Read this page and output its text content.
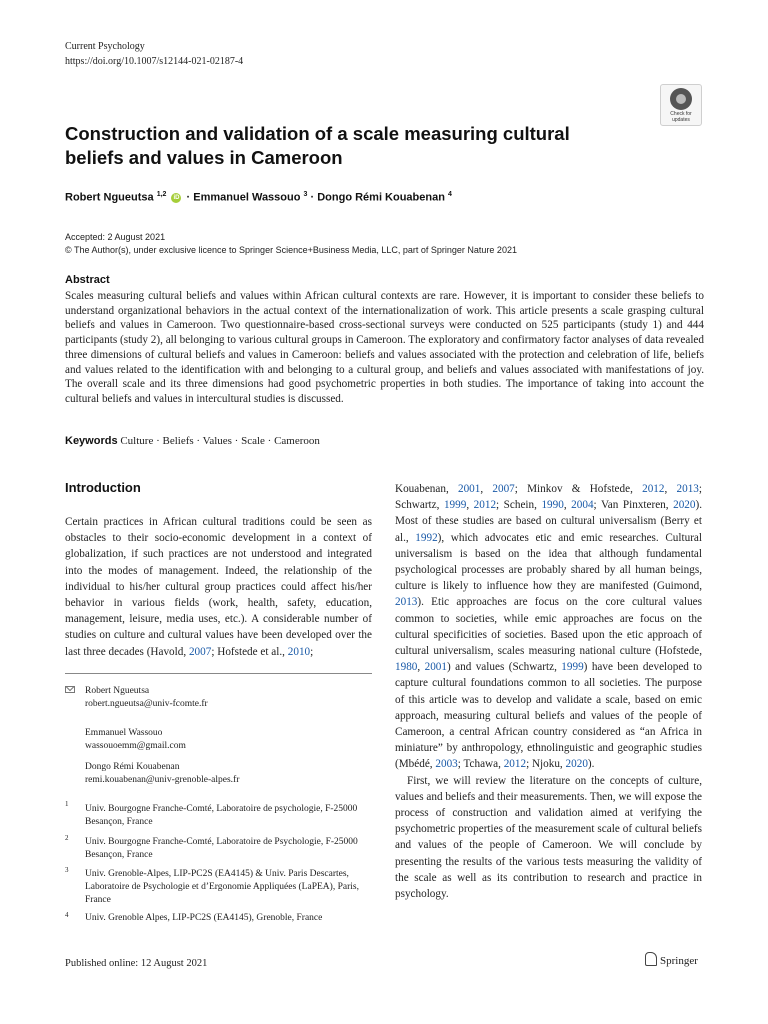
Current Psychology
https://doi.org/10.1007/s12144-021-02187-4
Check for
updates
Construction and validation of a scale measuring cultural beliefs and values in Cameroon
Robert Ngueutsa $^{1,2}$ iD · Emmanuel Wassouo $^3$ · Dongo Rémi Kouabenan $^4$
Accepted: 2 August 2021
© The Author(s), under exclusive licence to Springer Science+Business Media, LLC, part of Springer Nature 2021
Abstract
Scales measuring cultural beliefs and values within African cultural contexts are rare. However, it is important to consider these beliefs to understand organizational behaviors in the actual context of the internationalization of work. This article presents a scale grasping cultural beliefs and values in Cameroon. Two questionnaire-based cross-sectional surveys were conducted on 525 participants (study 1) and 444 participants (study 2), all belonging to various cultural groups in Cameroon. The exploratory and confirmatory factor analyses of data revealed three dimensions of cultural beliefs and values in Cameroon: beliefs and values associated with the protection and celebration of life, beliefs and values related to the identification with and belonging to a cultural group, and beliefs and values associated with manifestations of joy. The overall scale and its three dimensions had good psychometric properties in both studies. The importance of taking into account the cultural beliefs and values in intercultural studies is discussed.
Keywords Culture · Beliefs · Values · Scale · Cameroon
Introduction
Certain practices in African cultural traditions could be seen as obstacles to their socio-economic development in a context of globalization, if such practices are not understood and integrated into the modes of management. Indeed, the relationship of the individual to his/her cultural group practices could affect his/her behavior in various fields (work, health, safety, education, management, leisure, media uses, etc.). A considerable number of studies on culture and cultural values have been developed over the last three decades (Havold, 2007; Hofstede et al., 2010;
Kouabenan, 2001, 2007; Minkov & Hofstede, 2012, 2013; Schwartz, 1999, 2012; Schein, 1990, 2004; Van Pinxteren, 2020). Most of these studies are based on cultural universalism (Berry et al., 1992), which advocates etic and emic researches. Cultural universalism is based on the idea that although fundamental psychological processes are probably shared by all human beings, culture is likely to influence how they are manifested (Guimond, 2013). Etic approaches are focus on the core cultural values common to societies, while emic approaches are focus on the cultural specificities of societies. Based upon the etic approach of cultural universalism, scales measuring national culture (Hofstede, 1980, 2001) and values (Schwartz, 1999) have been developed to capture cultural foundations common to all societies. The purpose of this article was to develop and validate a scale, based on emic approach, measuring cultural beliefs and values of the people of Cameroon, a central African country considered as “an Africa in miniature” by anthropology, ethnolinguistic and geographic studies (Mbédé, 2003; Tchawa, 2012; Njoku, 2020).
First, we will review the literature on the concepts of culture, values and beliefs and their measurements. Then, we will expose the process of construction and validation aimed at verifying the psychometric properties of the measurement scale of cultural beliefs and values of the people of Cameroon. We will conclude by presenting the results of the various tests measuring the validity of the scale as well as its contribution to research and practice in psychology.
Robert Ngueutsa
robert.ngueutsa@univ-fcomte.fr
Emmanuel Wassouo
wassouoemm@gmail.com
Dongo Rémi Kouabenan
remi.kouabenan@univ-grenoble-alpes.fr
1 Univ. Bourgogne Franche-Comté, Laboratoire de psychologie, F-25000 Besançon, France
2 Univ. Bourgogne Franche-Comté, Laboratoire de Psychologie, F-25000 Besançon, France
3 Univ. Grenoble-Alpes, LIP-PC2S (EA4145) & Univ. Paris Descartes, Laboratoire de Psychologie et d’Ergonomie Appliquées (LaPEA), Paris, France
4 Univ. Grenoble Alpes, LIP-PC2S (EA4145), Grenoble, France
Published online: 12 August 2021	Springer
